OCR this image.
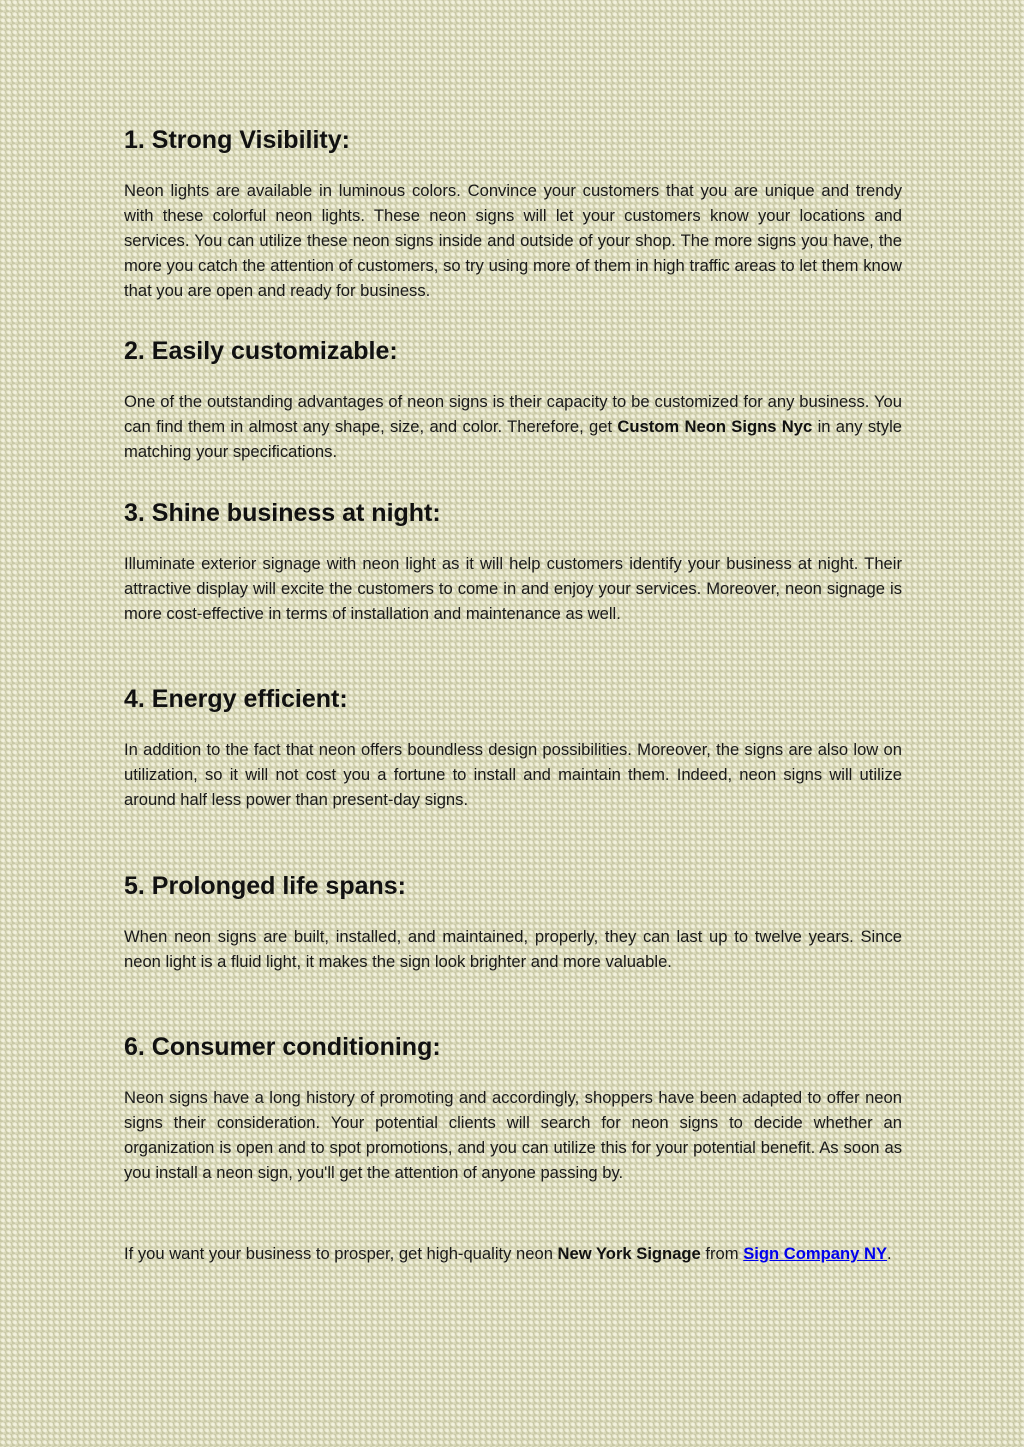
1. Strong Visibility:

Neon lights are available in luminous colors. Convince your customers that you are unique and trendy with these colorful neon lights. These neon signs will let your customers know your locations and services. You can utilize these neon signs inside and outside of your shop. The more signs you have, the more you catch the attention of customers, so try using more of them in high traffic areas to let them know that you are open and ready for business.

2. Easily customizable:

One of the outstanding advantages of neon signs is their capacity to be customized for any business. You can find them in almost any shape, size, and color. Therefore, get Custom Neon Signs Nyc in any style matching your specifications.

3. Shine business at night:

Illuminate exterior signage with neon light as it will help customers identify your business at night. Their attractive display will excite the customers to come in and enjoy your services. Moreover, neon signage is more cost-effective in terms of installation and maintenance as well.

4. Energy efficient:

In addition to the fact that neon offers boundless design possibilities. Moreover, the signs are also low on utilization, so it will not cost you a fortune to install and maintain them. Indeed, neon signs will utilize around half less power than present-day signs.

5. Prolonged life spans:

When neon signs are built, installed, and maintained, properly, they can last up to twelve years. Since neon light is a fluid light, it makes the sign look brighter and more valuable.

6. Consumer conditioning:

Neon signs have a long history of promoting and accordingly, shoppers have been adapted to offer neon signs their consideration. Your potential clients will search for neon signs to decide whether an organization is open and to spot promotions, and you can utilize this for your potential benefit. As soon as you install a neon sign, you'll get the attention of anyone passing by.

If you want your business to prosper, get high-quality neon New York Signage from Sign Company NY.
